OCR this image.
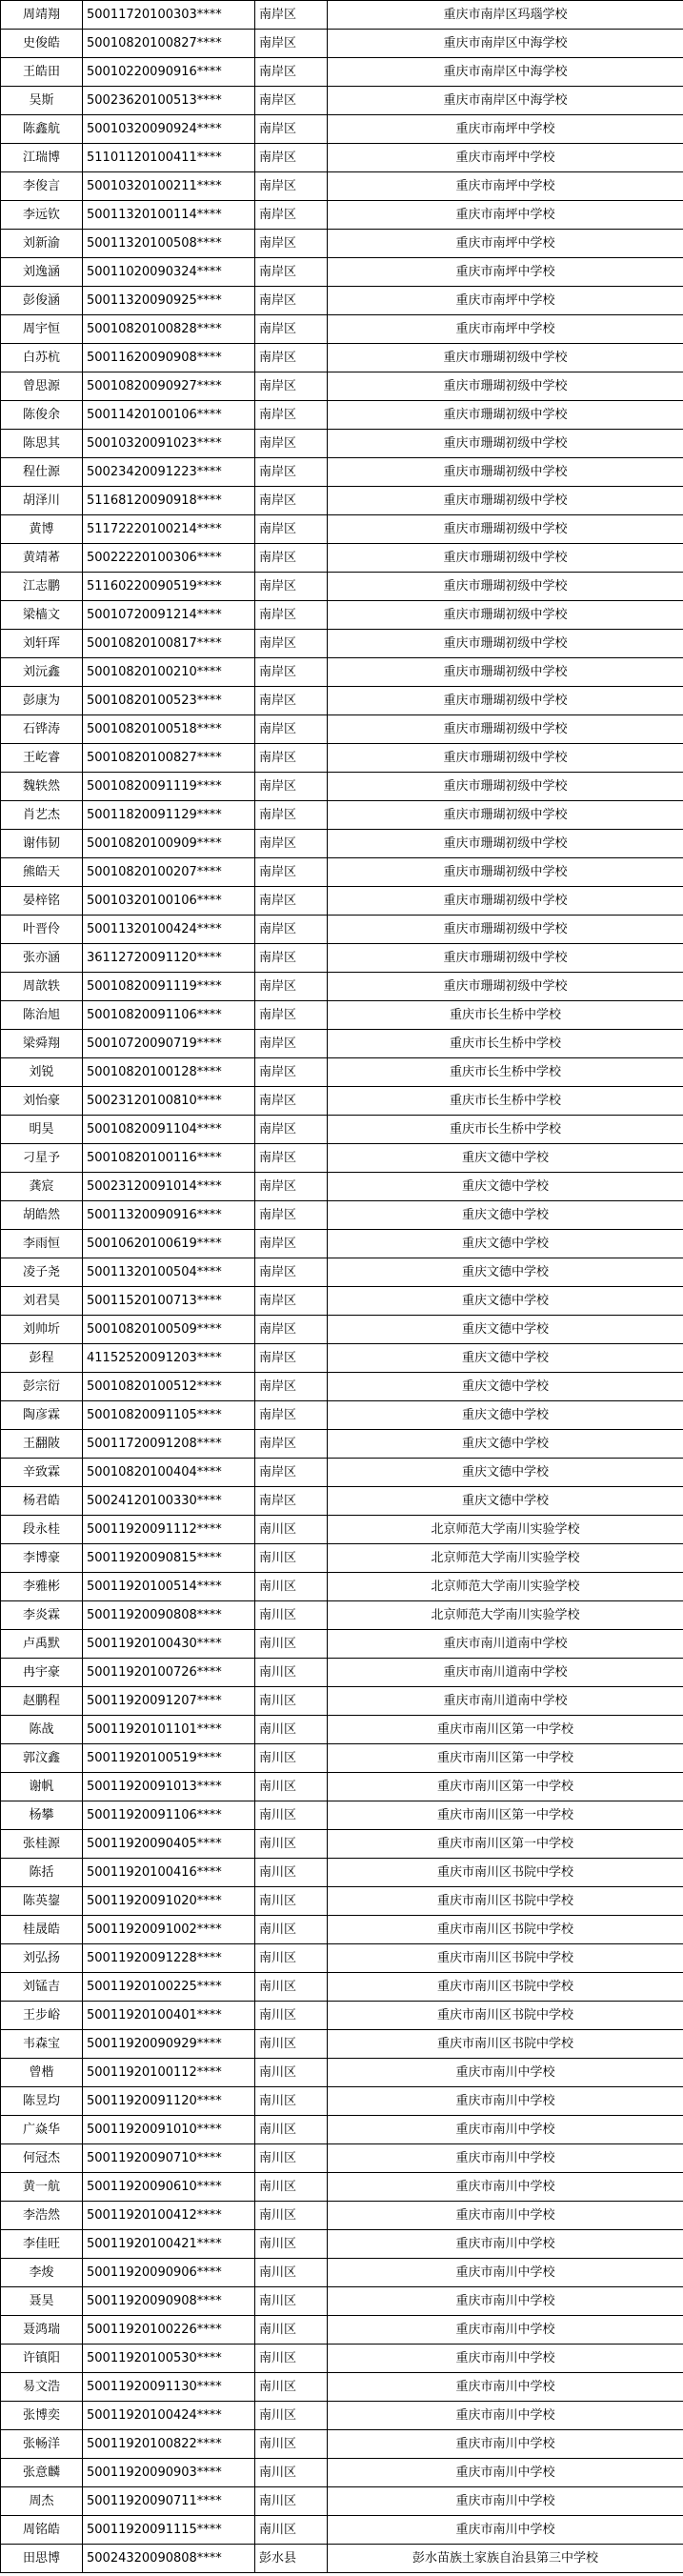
周靖翔	50011720100303****	南岸区	重庆市南岸区玛瑙学校
史俊皓	50010820100827****	南岸区	重庆市南岸区中海学校
王皓田	50010220090916****	南岸区	重庆市南岸区中海学校
吴斯	50023620100513****	南岸区	重庆市南岸区中海学校
陈鑫航	50010320090924****	南岸区	重庆市南坪中学校
江瑞博	51101120100411****	南岸区	重庆市南坪中学校
李俊言	50010320100211****	南岸区	重庆市南坪中学校
李远钦	50011320100114****	南岸区	重庆市南坪中学校
刘新渝	50011320100508****	南岸区	重庆市南坪中学校
刘逸涵	50011020090324****	南岸区	重庆市南坪中学校
彭俊涵	50011320090925****	南岸区	重庆市南坪中学校
周宇恒	50010820100828****	南岸区	重庆市南坪中学校
白苏杭	50011620090908****	南岸区	重庆市珊瑚初级中学校
曾思源	50010820090927****	南岸区	重庆市珊瑚初级中学校
陈俊余	50011420100106****	南岸区	重庆市珊瑚初级中学校
陈思其	50010320091023****	南岸区	重庆市珊瑚初级中学校
程仕源	50023420091223****	南岸区	重庆市珊瑚初级中学校
胡泽川	51168120090918****	南岸区	重庆市珊瑚初级中学校
黄博	51172220100214****	南岸区	重庆市珊瑚初级中学校
黄靖莃	50022220100306****	南岸区	重庆市珊瑚初级中学校
江志鹏	51160220090519****	南岸区	重庆市珊瑚初级中学校
梁樯文	50010720091214****	南岸区	重庆市珊瑚初级中学校
刘轩珲	50010820100817****	南岸区	重庆市珊瑚初级中学校
刘沅鑫	50010820100210****	南岸区	重庆市珊瑚初级中学校
彭康为	50010820100523****	南岸区	重庆市珊瑚初级中学校
石铧涛	50010820100518****	南岸区	重庆市珊瑚初级中学校
王屹睿	50010820100827****	南岸区	重庆市珊瑚初级中学校
魏轶然	50010820091119****	南岸区	重庆市珊瑚初级中学校
肖艺杰	50011820091129****	南岸区	重庆市珊瑚初级中学校
谢伟韧	50010820100909****	南岸区	重庆市珊瑚初级中学校
熊皓天	50010820100207****	南岸区	重庆市珊瑚初级中学校
晏梓铭	50010320100106****	南岸区	重庆市珊瑚初级中学校
叶晋伶	50011320100424****	南岸区	重庆市珊瑚初级中学校
张亦涵	36112720091120****	南岸区	重庆市珊瑚初级中学校
周歆轶	50010820091119****	南岸区	重庆市珊瑚初级中学校
陈治旭	50010820091106****	南岸区	重庆市长生桥中学校
梁舜翔	50010720090719****	南岸区	重庆市长生桥中学校
刘锐	50010820100128****	南岸区	重庆市长生桥中学校
刘怡豪	50023120100810****	南岸区	重庆市长生桥中学校
明昊	50010820091104****	南岸区	重庆市长生桥中学校
刁星予	50010820100116****	南岸区	重庆文德中学校
龚宸	50023120091014****	南岸区	重庆文德中学校
胡皓然	50011320090916****	南岸区	重庆文德中学校
李雨恒	50010620100619****	南岸区	重庆文德中学校
凌子尧	50011320100504****	南岸区	重庆文德中学校
刘君昊	50011520100713****	南岸区	重庆文德中学校
刘帅圻	50010820100509****	南岸区	重庆文德中学校
彭程	41152520091203****	南岸区	重庆文德中学校
彭宗衍	50010820100512****	南岸区	重庆文德中学校
陶彦霖	50010820091105****	南岸区	重庆文德中学校
王翻陂	50011720091208****	南岸区	重庆文德中学校
辛致霖	50010820100404****	南岸区	重庆文德中学校
杨君皓	50024120100330****	南岸区	重庆文德中学校
段永桂	50011920091112****	南川区	北京师范大学南川实验学校
李博豪	50011920090815****	南川区	北京师范大学南川实验学校
李雅彬	50011920100514****	南川区	北京师范大学南川实验学校
李炎霖	50011920090808****	南川区	北京师范大学南川实验学校
卢禹默	50011920100430****	南川区	重庆市南川道南中学校
冉宇豪	50011920100726****	南川区	重庆市南川道南中学校
赵鹏程	50011920091207****	南川区	重庆市南川道南中学校
陈战	50011920101101****	南川区	重庆市南川区第一中学校
郭汶鑫	50011920100519****	南川区	重庆市南川区第一中学校
谢帆	50011920091013****	南川区	重庆市南川区第一中学校
杨攀	50011920091106****	南川区	重庆市南川区第一中学校
张桂源	50011920090405****	南川区	重庆市南川区第一中学校
陈括	50011920100416****	南川区	重庆市南川区书院中学校
陈英鋆	50011920091020****	南川区	重庆市南川区书院中学校
桂晟皓	50011920091002****	南川区	重庆市南川区书院中学校
刘弘扬	50011920091228****	南川区	重庆市南川区书院中学校
刘锰吉	50011920100225****	南川区	重庆市南川区书院中学校
王步峪	50011920100401****	南川区	重庆市南川区书院中学校
韦森宝	50011920090929****	南川区	重庆市南川区书院中学校
曾楷	50011920100112****	南川区	重庆市南川中学校
陈昱均	50011920091120****	南川区	重庆市南川中学校
广焱华	50011920091010****	南川区	重庆市南川中学校
何冠杰	50011920090710****	南川区	重庆市南川中学校
黄一航	50011920090610****	南川区	重庆市南川中学校
李浩然	50011920100412****	南川区	重庆市南川中学校
李佳旺	50011920100421****	南川区	重庆市南川中学校
李焌	50011920090906****	南川区	重庆市南川中学校
聂昊	50011920090908****	南川区	重庆市南川中学校
聂鸿瑞	50011920100226****	南川区	重庆市南川中学校
许镇阳	50011920100530****	南川区	重庆市南川中学校
易文浩	50011920091130****	南川区	重庆市南川中学校
张博奕	50011920100424****	南川区	重庆市南川中学校
张畅洋	50011920100822****	南川区	重庆市南川中学校
张意麟	50011920090903****	南川区	重庆市南川中学校
周杰	50011920090711****	南川区	重庆市南川中学校
周铭皓	50011920091115****	南川区	重庆市南川中学校
田思博	50024320090808****	彭水县	彭水苗族土家族自治县第三中学校
